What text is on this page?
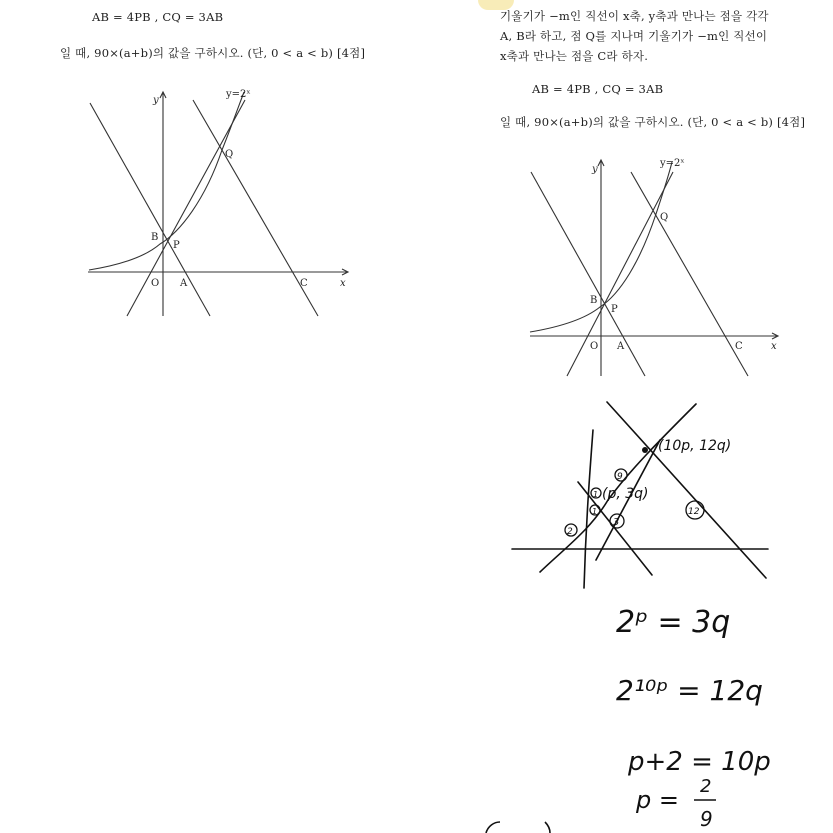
AB = 4PB , CQ = 3AB
일 때, 90×(a+b)의 값을 구하시오. (단, 0 < a < b) [4점]
y=2ˣ
y
x
O A
B
C
P
Q
기울기가 −m인 직선이 x축, y축과 만나는 점을 각각
A, B라 하고, 점 Q를 지나며 기울기가 −m인 직선이
x축과 만나는 점을 C라 하자.
AB = 4PB , CQ = 3AB
일 때, 90×(a+b)의 값을 구하시오. (단, 0 < a < b) [4점]
y=2ˣ
y
x
O A
B
C
P
Q
(10p, 12q)
(p, 3q)
9
1
1
3
2
12
2ᵖ = 3q
2¹⁰ᵖ = 12q
p+2 = 10p
p = 2
9
